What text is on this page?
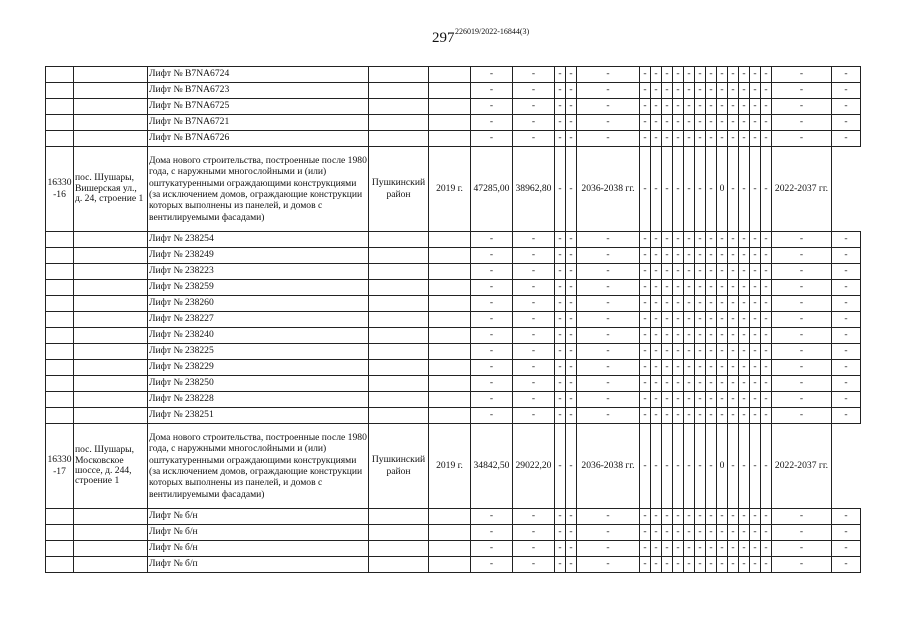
297 226019/2022-16844(3)
		Лифт № B7NA6724			-	-	-	-	-	-	-	-	-	-	-	-	-	-	-	-	-	-	-
		Лифт № B7NA6723			-	-	-	-	-	-	-	-	-	-	-	-	-	-	-	-	-	-	-
		Лифт № B7NA6725			-	-	-	-	-	-	-	-	-	-	-	-	-	-	-	-	-	-	-
		Лифт № B7NA6721			-	-	-	-	-	-	-	-	-	-	-	-	-	-	-	-	-	-	-
		Лифт № B7NA6726			-	-	-	-	-	-	-	-	-	-	-	-	-	-	-	-	-	-	-
16330 -16	пос. Шушары, Вишерская ул., д. 24, строение 1	Дома нового строительства, построенные после 1980 года, с наружными многослойными и (или) оштукатуренными ограждающими конструкциями (за исключением домов, ограждающие конструкции которых выполнены из панелей, и домов с вентилируемыми фасадами)	Пушкинский район	2019 г.	47285,00	38962,80	-	-	2036-2038 гг.	-	-	-	-	-	-	-	0	-	-	-	-	2022-2037 гг.	
		Лифт № 238254			-	-	-	-	-	-	-	-	-	-	-	-	-	-	-	-	-	-	-
		Лифт № 238249			-	-	-	-	-	-	-	-	-	-	-	-	-	-	-	-	-	-	-
		Лифт № 238223			-	-	-	-	-	-	-	-	-	-	-	-	-	-	-	-	-	-	-
		Лифт № 238259			-	-	-	-	-	-	-	-	-	-	-	-	-	-	-	-	-	-	-
		Лифт № 238260			-	-	-	-	-	-	-	-	-	-	-	-	-	-	-	-	-	-	-
		Лифт № 238227			-	-	-	-	-	-	-	-	-	-	-	-	-	-	-	-	-	-	-
		Лифт № 238240			-	-	-	-	-	-	-	-	-	-	-	-	-	-	-	-	-	-	-
		Лифт № 238225			-	-	-	-	-	-	-	-	-	-	-	-	-	-	-	-	-	-	-
		Лифт № 238229			-	-	-	-	-	-	-	-	-	-	-	-	-	-	-	-	-	-	-
		Лифт № 238250			-	-	-	-	-	-	-	-	-	-	-	-	-	-	-	-	-	-	-
		Лифт № 238228			-	-	-	-	-	-	-	-	-	-	-	-	-	-	-	-	-	-	-
		Лифт № 238251			-	-	-	-	-	-	-	-	-	-	-	-	-	-	-	-	-	-	-
16330 -17	пос. Шушары, Московское шоссе, д. 244, строение 1	Дома нового строительства, построенные после 1980 года, с наружными многослойными и (или) оштукатуренными ограждающими конструкциями (за исключением домов, ограждающие конструкции которых выполнены из панелей, и домов с вентилируемыми фасадами)	Пушкинский район	2019 г.	34842,50	29022,20	-	-	2036-2038 гг.	-	-	-	-	-	-	-	0	-	-	-	-	2022-2037 гг.	
		Лифт № б/н			-	-	-	-	-	-	-	-	-	-	-	-	-	-	-	-	-	-	-
		Лифт № б/н			-	-	-	-	-	-	-	-	-	-	-	-	-	-	-	-	-	-	-
		Лифт № б/н			-	-	-	-	-	-	-	-	-	-	-	-	-	-	-	-	-	-	-
		Лифт № б/п			-	-	-	-	-	-	-	-	-	-	-	-	-	-	-	-	-	-	-
